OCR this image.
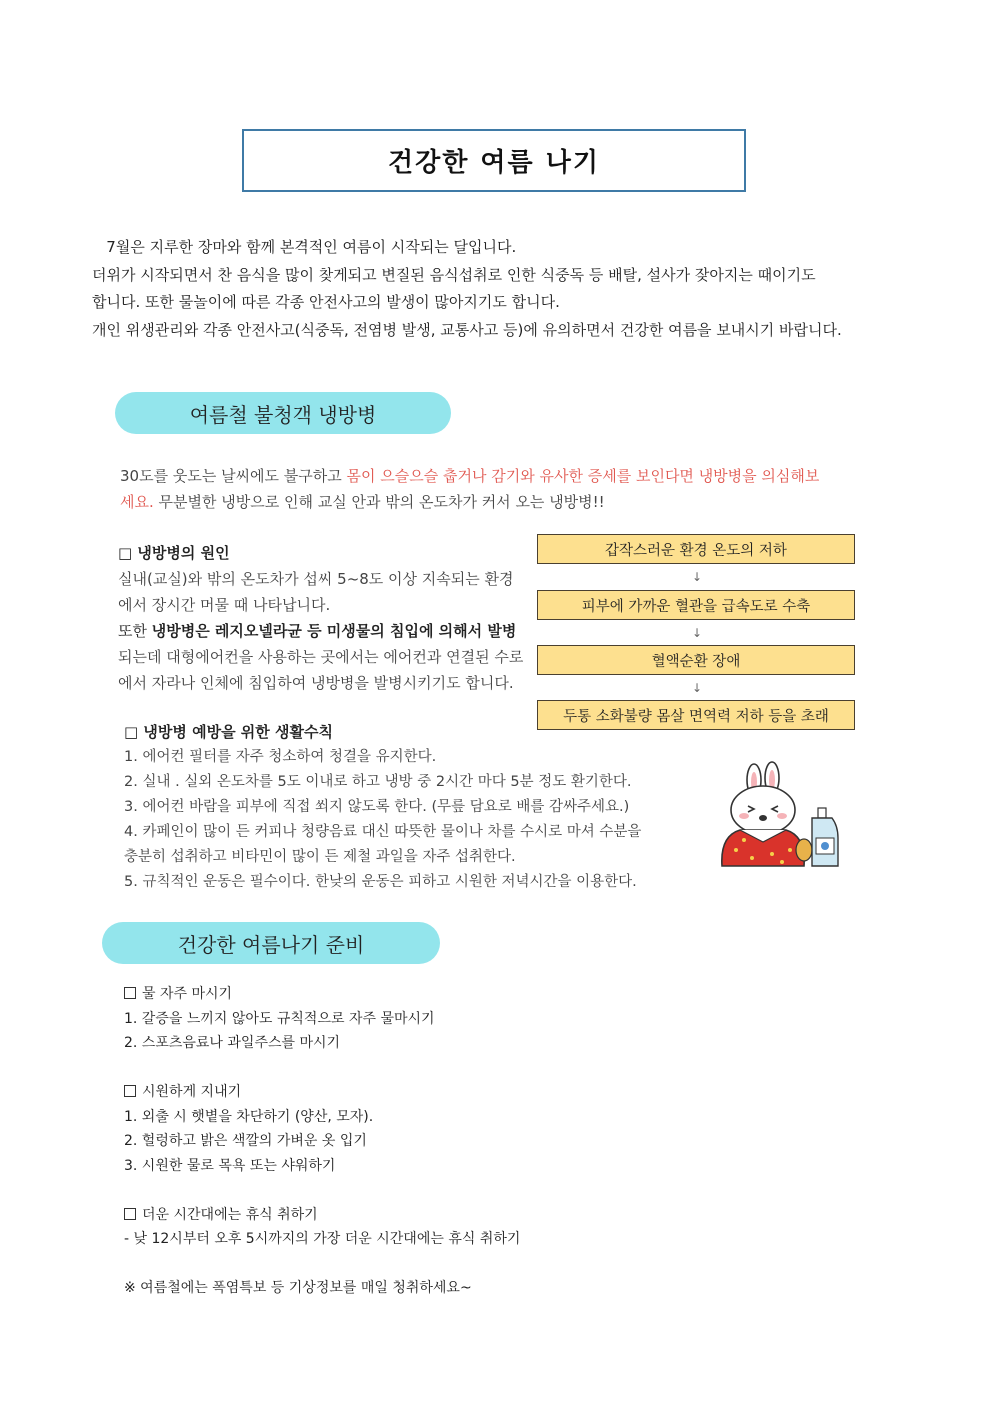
건강한 여름 나기
7월은 지루한 장마와 함께 본격적인 여름이 시작되는 달입니다.
더위가 시작되면서 찬 음식을 많이 찾게되고 변질된 음식섭취로 인한 식중독 등 배탈, 설사가 잦아지는 때이기도
합니다. 또한 물놀이에 따른 각종 안전사고의 발생이 많아지기도 합니다.
개인 위생관리와 각종 안전사고(식중독, 전염병 발생, 교통사고 등)에 유의하면서 건강한 여름을 보내시기 바랍니다.
여름철 불청객 냉방병
30도를 웃도는 날씨에도 불구하고 몸이 으슬으슬 춥거나 감기와 유사한 증세를 보인다면 냉방병을 의심해보
세요. 무분별한 냉방으로 인해 교실 안과 밖의 온도차가 커서 오는 냉방병!!
□ 냉방병의 원인
실내(교실)와 밖의 온도차가 섭씨 5~8도 이상 지속되는 환경
에서 장시간 머물 때 나타납니다.
또한 냉방병은 레지오넬라균 등 미생물의 침입에 의해서 발병
되는데 대형에어컨을 사용하는 곳에서는 에어컨과 연결된 수로
에서 자라나 인체에 침입하여 냉방병을 발병시키기도 합니다.
갑작스러운 환경 온도의 저하
↓
피부에 가까운 혈관을 급속도로 수축
↓
혈액순환 장애
↓
두통 소화불량 몸살 면역력 저하 등을 초래
□ 냉방병 예방을 위한 생활수칙
1. 에어컨 필터를 자주 청소하여 청결을 유지한다.
2. 실내 . 실외 온도차를 5도 이내로 하고 냉방 중 2시간 마다 5분 정도 환기한다.
3. 에어컨 바람을 피부에 직접 쐬지 않도록 한다. (무릎 담요로 배를 감싸주세요.)
4. 카페인이 많이 든 커피나 청량음료 대신 따뜻한 물이나 차를 수시로 마셔 수분을
충분히 섭취하고 비타민이 많이 든 제철 과일을 자주 섭취한다.
5. 규칙적인 운동은 필수이다. 한낮의 운동은 피하고 시원한 저녁시간을 이용한다.
건강한 여름나기 준비
물 자주 마시기
1. 갈증을 느끼지 않아도 규칙적으로 자주 물마시기
2. 스포츠음료나 과일주스를 마시기
시원하게 지내기
1. 외출 시 햇볕을 차단하기 (양산, 모자).
2. 헐렁하고 밝은 색깔의 가벼운 옷 입기
3. 시원한 물로 목욕 또는 샤워하기
더운 시간대에는 휴식 취하기
- 낮 12시부터 오후 5시까지의 가장 더운 시간대에는 휴식 취하기
※ 여름철에는 폭염특보 등 기상정보를 매일 청취하세요~
